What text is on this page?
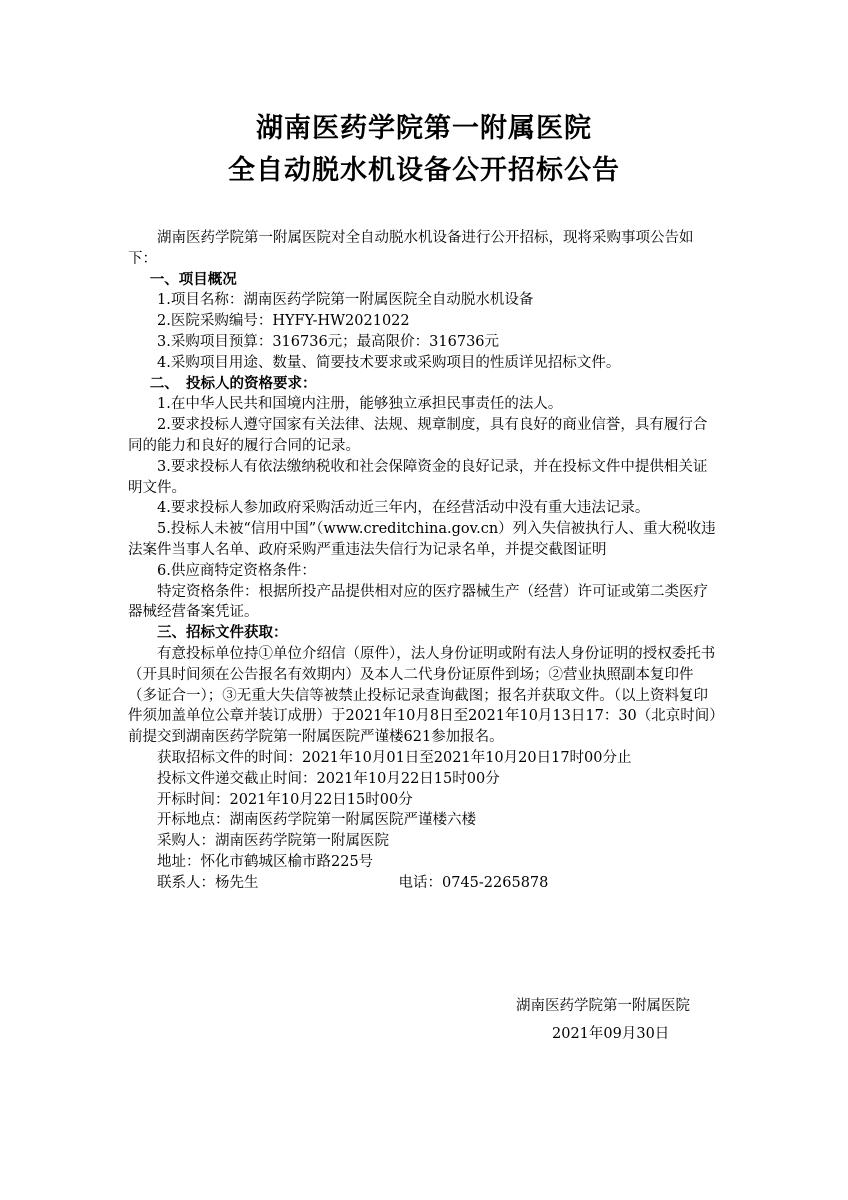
湖南医药学院第一附属医院
全自动脱水机设备公开招标公告

湖南医药学院第一附属医院对全自动脱水机设备进行公开招标，现将采购事项公告如下：

一、项目概况

1.项目名称：湖南医药学院第一附属医院全自动脱水机设备

2.医院采购编号：HYFY-HW2021022

3.采购项目预算：316736元；最高限价：316736元

4.采购项目用途、数量、简要技术要求或采购项目的性质详见招标文件。

二、　投标人的资格要求：

1.在中华人民共和国境内注册，能够独立承担民事责任的法人。

2.要求投标人遵守国家有关法律、法规、规章制度，具有良好的商业信誉，具有履行合同的能力和良好的履行合同的记录。

3.要求投标人有依法缴纳税收和社会保障资金的良好记录，并在投标文件中提供相关证明文件。

4.要求投标人参加政府采购活动近三年内，在经营活动中没有重大违法记录。

5.投标人未被“信用中国”（www.creditchina.gov.cn）列入失信被执行人、重大税收违法案件当事人名单、政府采购严重违法失信行为记录名单，并提交截图证明

6.供应商特定资格条件：

特定资格条件：根据所投产品提供相对应的医疗器械生产（经营）许可证或第二类医疗器械经营备案凭证。

三、招标文件获取：

有意投标单位持①单位介绍信（原件），法人身份证明或附有法人身份证明的授权委托书（开具时间须在公告报名有效期内）及本人二代身份证原件到场；②营业执照副本复印件（多证合一）；③无重大失信等被禁止投标记录查询截图；报名并获取文件。（以上资料复印件须加盖单位公章并装订成册）于2021年10月8日至2021年10月13日17：30（北京时间）前提交到湖南医药学院第一附属医院严谨楼621参加报名。

获取招标文件的时间：2021年10月01日至2021年10月20日17时00分止

投标文件递交截止时间：2021年10月22日15时00分

开标时间：2021年10月22日15时00分

开标地点：湖南医药学院第一附属医院严谨楼六楼

采购人：湖南医药学院第一附属医院

地址：怀化市鹤城区榆市路225号

联系人：杨先生	电话：0745-2265878

湖南医药学院第一附属医院
2021年09月30日
